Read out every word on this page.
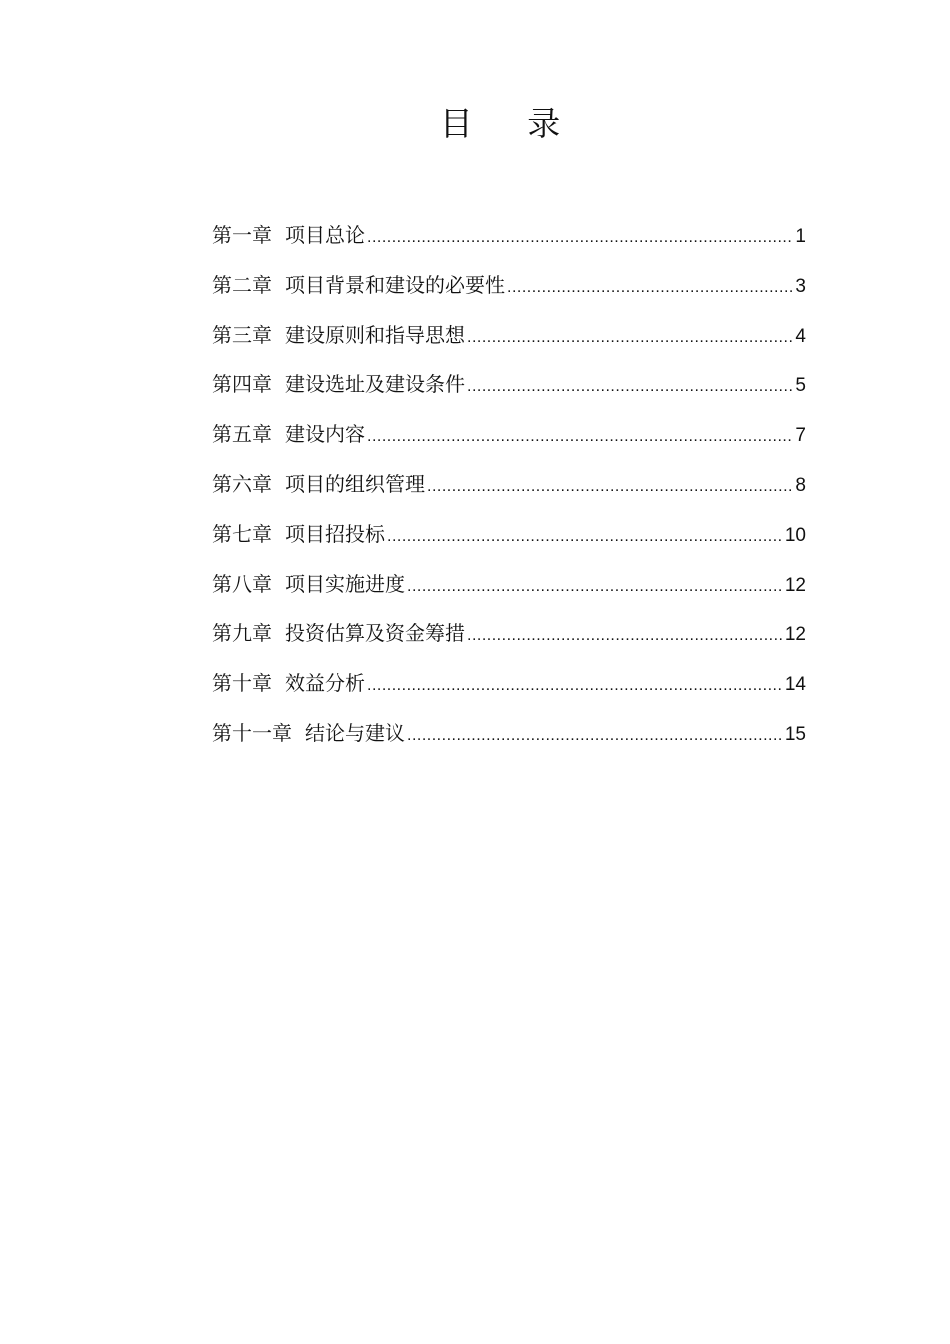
目 录
第一章 项目总论 .....	1
第二章 项目背景和建设的必要性 .....	3
第三章 建设原则和指导思想 .....	4
第四章 建设选址及建设条件 .....	5
第五章 建设内容 .....	7
第六章 项目的组织管理 .....	8
第七章 项目招投标 .....	10
第八章 项目实施进度 .....	12
第九章 投资估算及资金筹措 .....	12
第十章 效益分析 .....	14
第十一章 结论与建议 .....	15
